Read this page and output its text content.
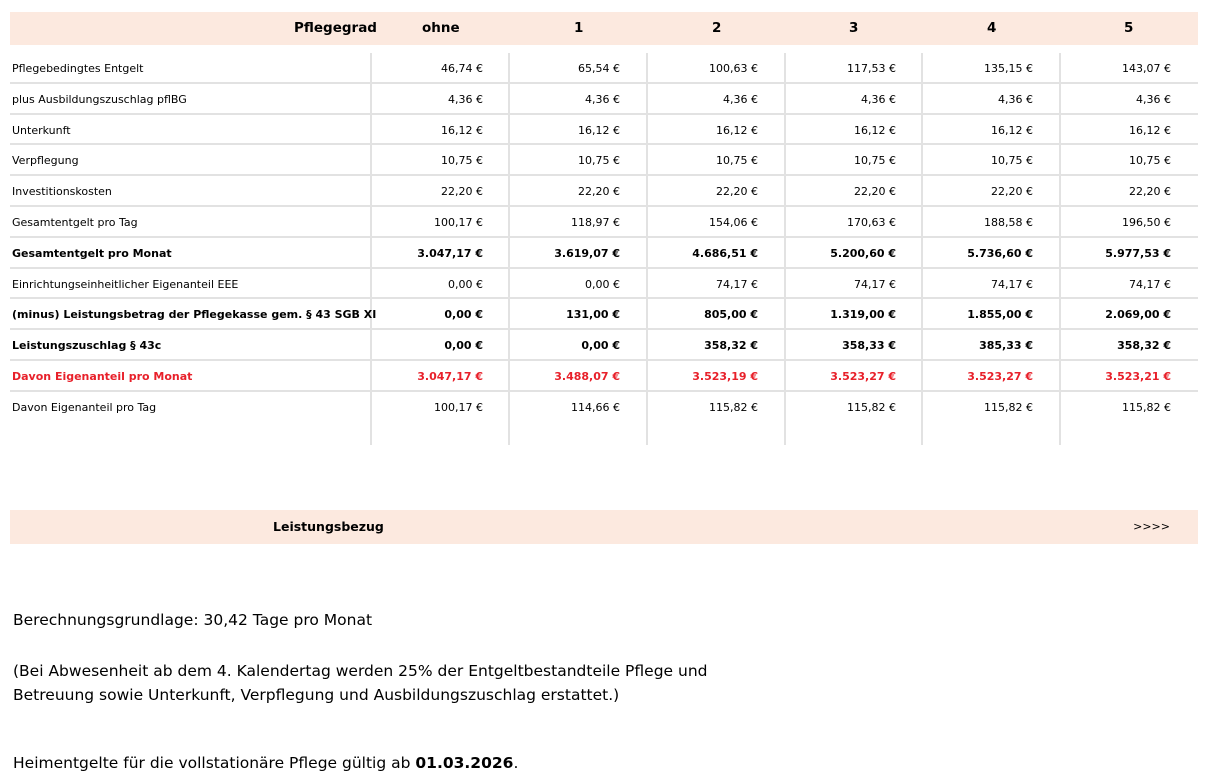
Pflegegrad	ohne	1	2	3	4	5
Pflegebedingtes Entgelt	46,74 €	65,54 €	100,63 €	117,53 €	135,15 €	143,07 €
plus Ausbildungszuschlag pflBG	4,36 €	4,36 €	4,36 €	4,36 €	4,36 €	4,36 €
Unterkunft	16,12 €	16,12 €	16,12 €	16,12 €	16,12 €	16,12 €
Verpflegung	10,75 €	10,75 €	10,75 €	10,75 €	10,75 €	10,75 €
Investitionskosten	22,20 €	22,20 €	22,20 €	22,20 €	22,20 €	22,20 €
Gesamtentgelt pro Tag	100,17 €	118,97 €	154,06 €	170,63 €	188,58 €	196,50 €
Gesamtentgelt pro Monat	3.047,17 €	3.619,07 €	4.686,51 €	5.200,60 €	5.736,60 €	5.977,53 €
Einrichtungseinheitlicher Eigenanteil EEE	0,00 €	0,00 €	74,17 €	74,17 €	74,17 €	74,17 €
(minus) Leistungsbetrag der Pflegekasse gem. § 43 SGB XI	0,00 €	131,00 €	805,00 €	1.319,00 €	1.855,00 €	2.069,00 €
Leistungszuschlag § 43c	0,00 €	0,00 €	358,32 €	358,33 €	385,33 €	358,32 €
Davon Eigenanteil pro Monat	3.047,17 €	3.488,07 €	3.523,19 €	3.523,27 €	3.523,27 €	3.523,21 €
Davon Eigenanteil pro Tag	100,17 €	114,66 €	115,82 €	115,82 €	115,82 €	115,82 €
Leistungsbezug	>>>>
Berechnungsgrundlage: 30,42 Tage pro Monat
(Bei Abwesenheit ab dem 4. Kalendertag werden 25% der Entgeltbestandteile Pflege und
Betreuung sowie Unterkunft, Verpflegung und Ausbildungszuschlag erstattet.)
Heimentgelte für die vollstationäre Pflege gültig ab 01.03.2026.
